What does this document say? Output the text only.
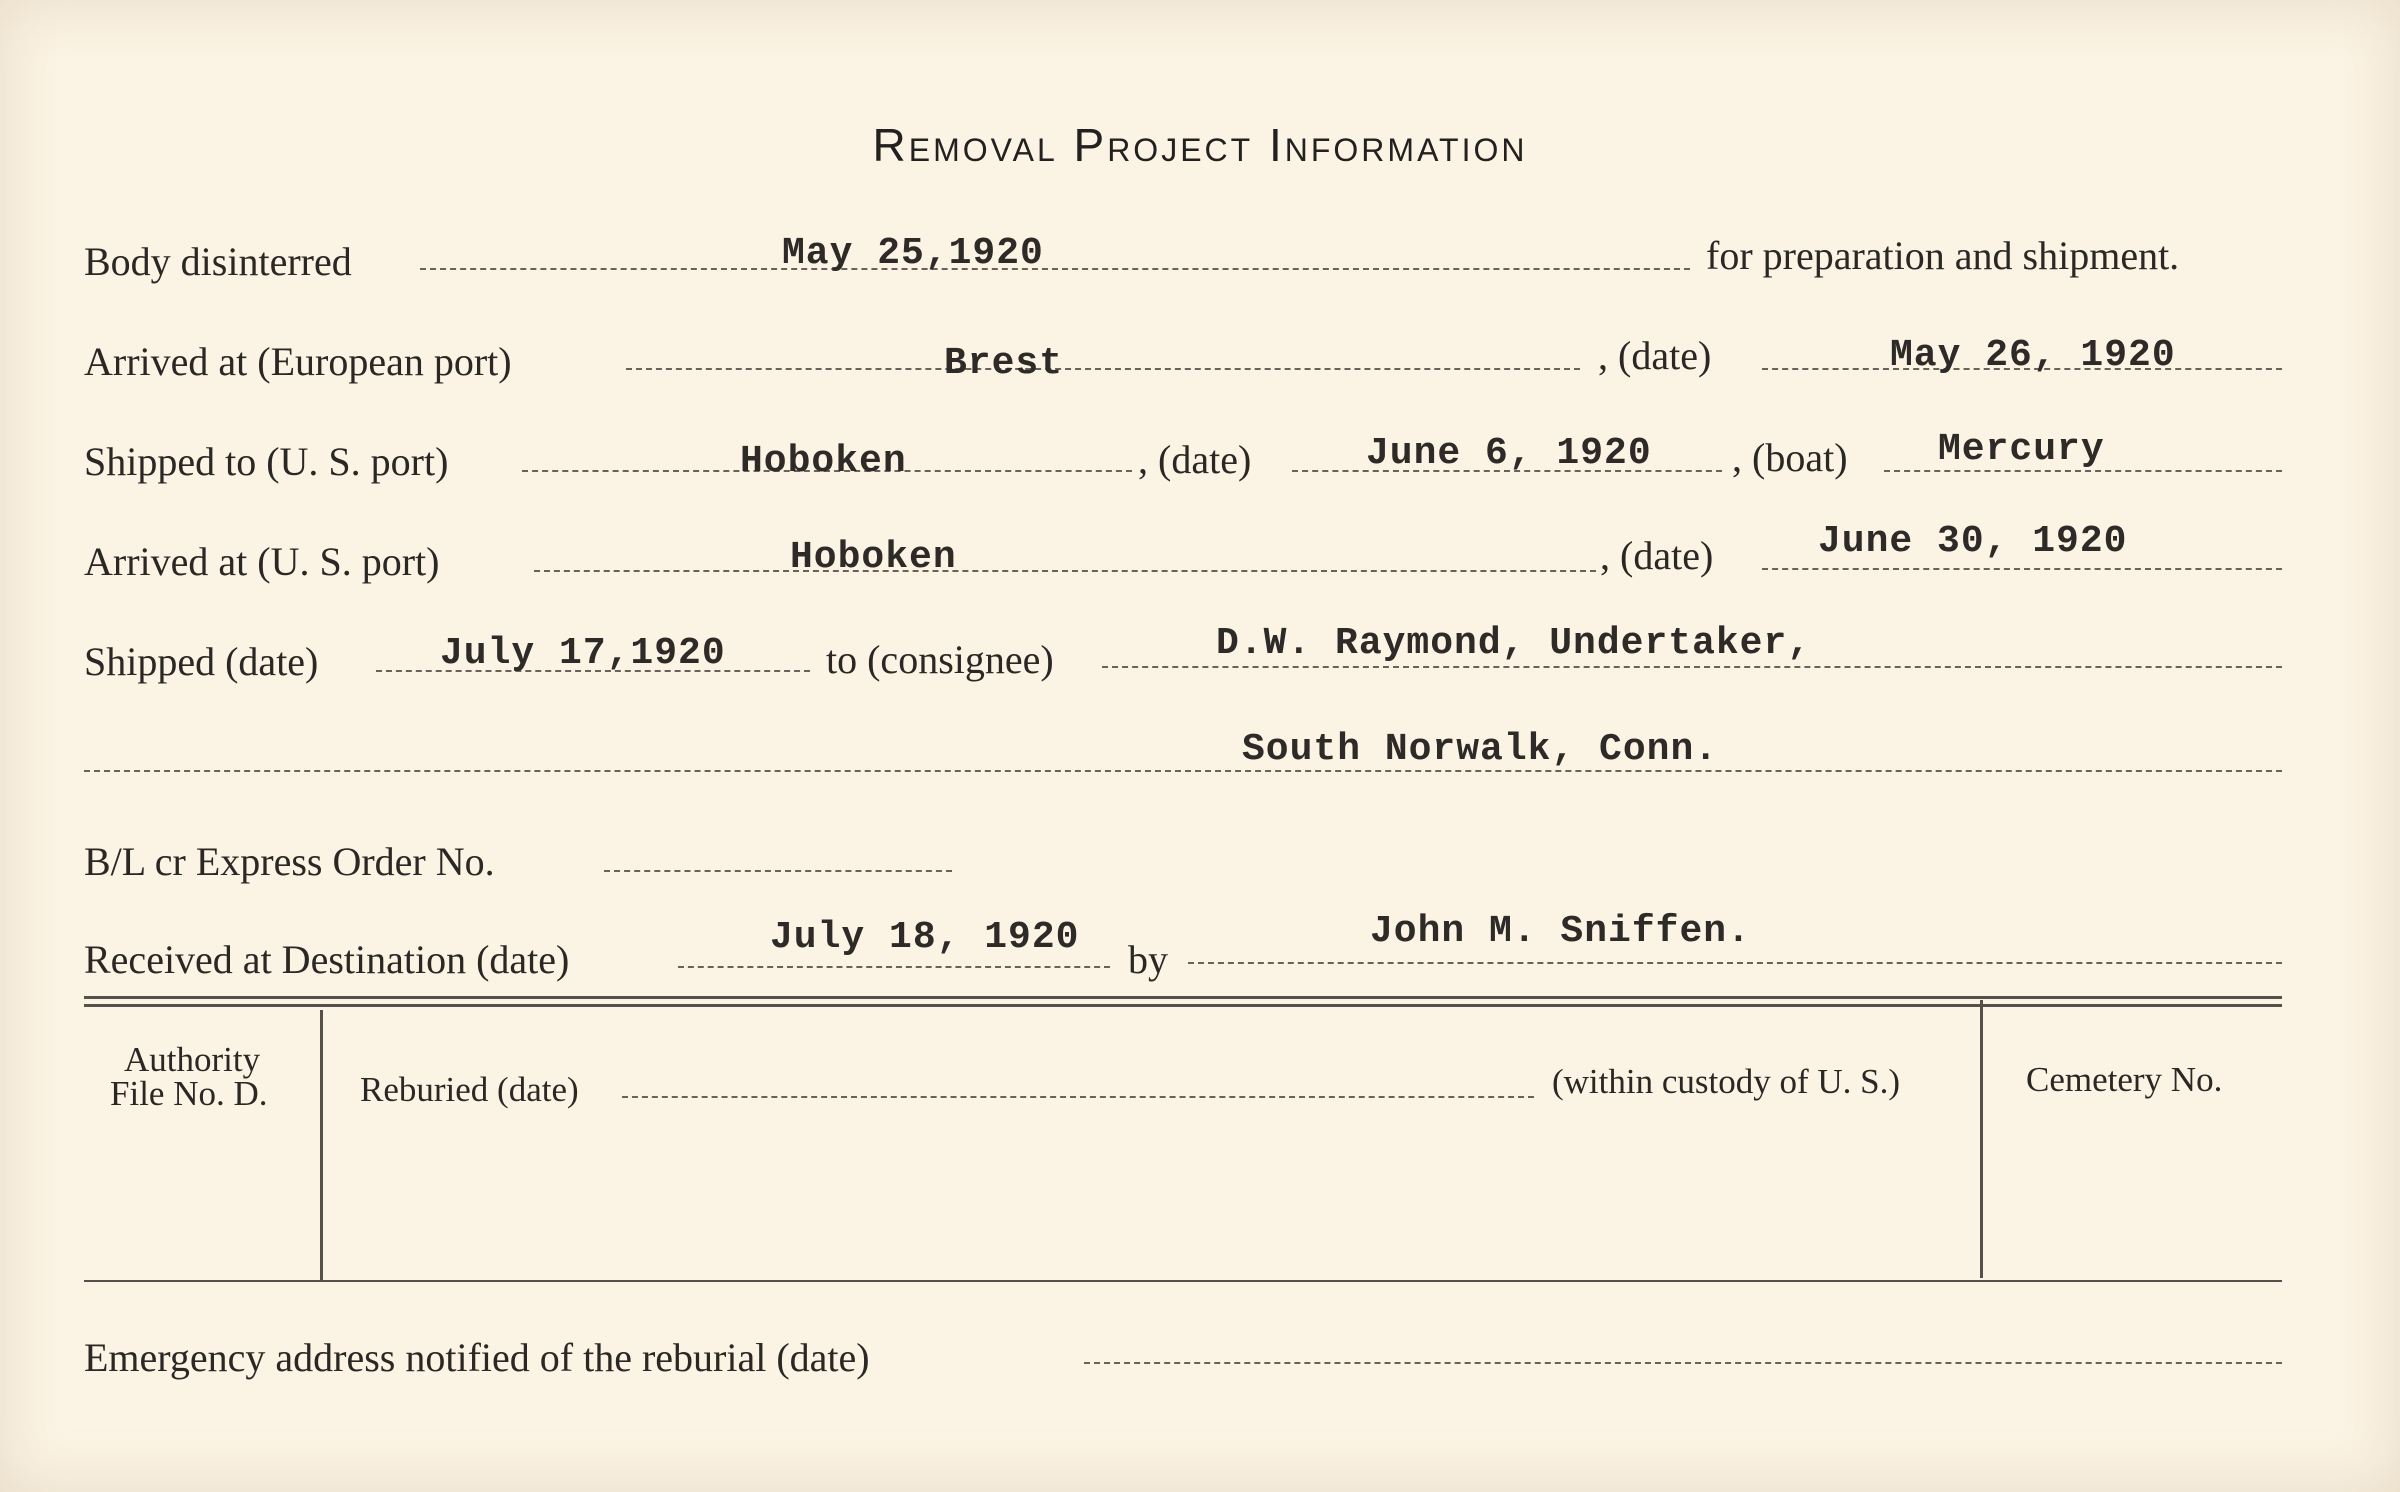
Removal Project Information
Body disinterred	May 25,1920	for preparation and shipment.
Arrived at (European port)	Brest	, (date)	May 26, 1920
Shipped to (U. S. port)	Hoboken	, (date)	June 6, 1920 , (boat) Mercury
Arrived at (U. S. port)	Hoboken	, (date)	June 30, 1920
Shipped (date)	July 17,1920	to (consignee)	D.W. Raymond, Undertaker,
South Norwalk, Conn.
B/L cr Express Order No.
Received at Destination (date)	July 18, 1920 by
John M. Sniffen.
Authority
File No. D.	Reburied (date)	(within custody of U. S.)	Cemetery No.
Emergency address notified of the reburial (date)
